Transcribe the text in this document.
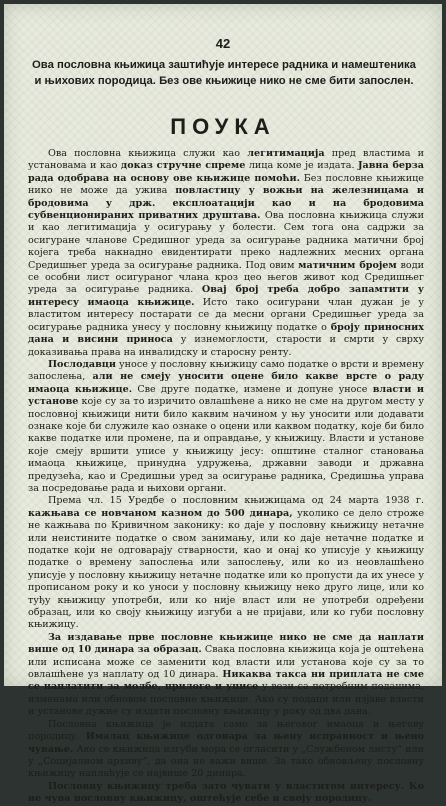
42
Ова пословна књижица заштићује интересе радника и намештеника и њихових породица. Без ове књижице нико не сме бити запослен.
ПОУКА

Ова пословна књижица служи као легитимација пред властима и установама и као доказ стручне спреме лица коме је издата. Јавна берза рада одобрава на основу ове књижице помоћи. Без пословне књижице нико не може да ужива повластицу у вожњи на железницама и бродовима у држ. експлоатацији као и на бродовима субвенционираних приватних друштава. Ова пословна књижица служи и као легитимација у осигурању у болести. Сем тога она садржи за осигуране чланове Средишног уреда за осигурање радника матични број којега треба накнадно евидентирати преко надлежних месних органа Средишњег уреда за осигурање радника. Под овим матичним бројем води се особни лист осигураног члана кроз цео његов живот код Средишњег уреда за осигурање радника. Овај број треба добро запамтити у интересу имаоца књижице. Исто тако осигурани члан дужан је у властитом интересу постарати се да месни органи Средишњег уреда за осигурање радника унесу у пословну књижицу податке о броју приносних дана и висини приноса у изнемоглости, старости и смрти у сврху доказивања права на инвалидску и старосну ренту.

Послодавци уносе у пословну књижицу само податке о врсти и времену запослења, али не смеју уносити оцене било какве врсте о раду имаоца књижице. Све друге податке, измене и допуне уносе власти и установе које су за то изричито овлашћене а нико не сме на другом месту у пословној књижици нити било каквим начином у њу уносити или додавати ознаке које би служиле као ознаке о оцени или каквом податку, које би било какве податке или промене, па и оправдање, у књижицу. Власти и установе које смеју вршити уписе у књижицу јесу: општине сталног становања имаоца књижице, принудна удружења, државни заводи и државна предузећа, као и Средишњи уред за осигурање радника, Средишња управа за посредовање рада и њихови органи.

Према чл. 15 Уредбе о пословним књижицама од 24 марта 1938 г. кажњава се новчаном казном до 500 динара, уколико се дело строже не кажњава по Кривичном законику: ко даје у пословну књижицу нетачне или неистините податке о свом занимању, или ко даје нетачне податке и податке који не одговарају стварности, као и онај ко уписује у књижицу податке о времену запослења или запослењу, или ко из неовлашћено уписује у пословну књижицу нетачне податке или ко пропусти да их унесе у прописаном року и ко уноси у пословну књижицу неко друго лице, или ко туђу књижицу употреби, или ко није власт или не употреби одређени образац, или ко своју књижицу изгуби а не пријави, или ко губи пословну књижицу.

За издавање прве пословне књижице нико не сме да наплати више од 10 динара за образац. Свака пословна књижица која је оштећена или исписана може се заменити код власти или установа које су за то овлашћене уз наплату од 10 динара. Никаква такса ни приплата не сме се наплатити за молбе, прилоге и уписе у вези са потребним подацима, изменама или обновом пословне књижице. Ако су подаци или изјаве власти и установе дужне су издати пословну књижицу у року од два дана.

Пословна књижица је издата само за његовог имаоца и његову породицу. Ималац књижице одговара за њену исправност и њено чување. Ако се књижица изгуби мора се огласити у „Службеном листу“ или у „Социјалном архиву“, да она не важи више. За тако обновљену пословну књижицу наплаћује се највише 20 динара.

Пословну књижицу треба зато чувати у властитом интересу. Ко не чува пословну књижицу, оштећује себе и своју породицу.
